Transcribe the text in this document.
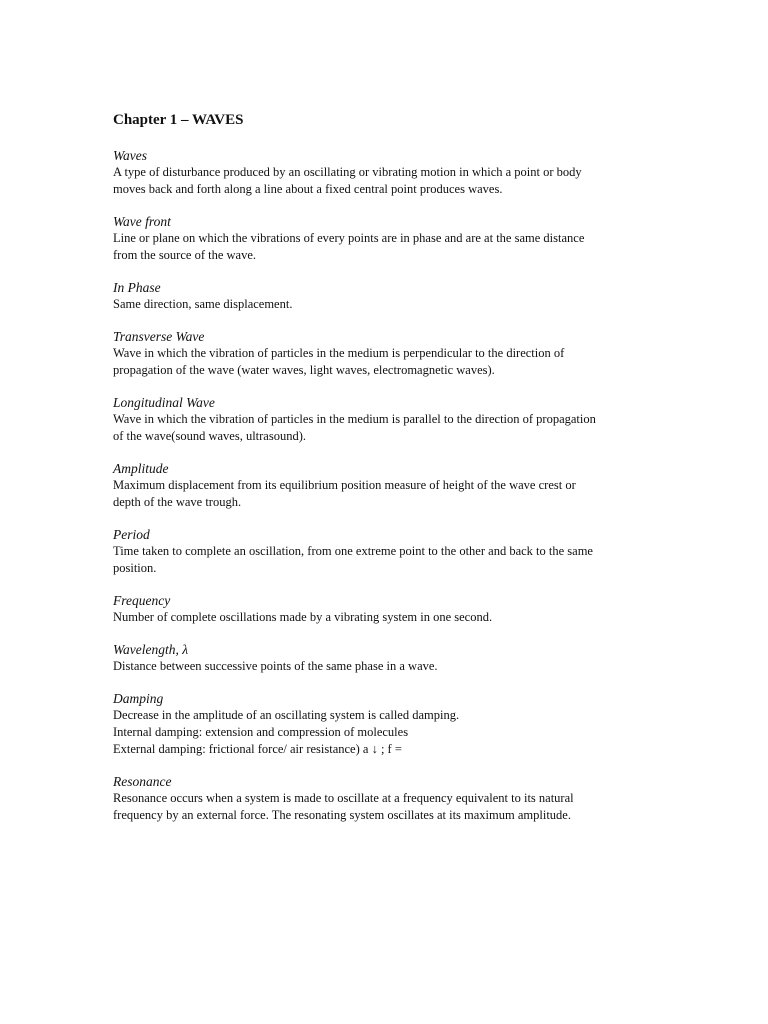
Chapter 1 – WAVES
Waves
A type of disturbance produced by an oscillating or vibrating motion in which a point or body
moves back and forth along a line about a fixed central point produces waves.
Wave front
Line or plane on which the vibrations of every points are in phase and are at the same distance
from the source of the wave.
In Phase
Same direction, same displacement.
Transverse Wave
Wave in which the vibration of particles in the medium is perpendicular to the direction of
propagation of the wave (water waves, light waves, electromagnetic waves).
Longitudinal Wave
Wave in which the vibration of particles in the medium is parallel to the direction of propagation
of the wave(sound waves, ultrasound).
Amplitude
Maximum displacement from its equilibrium position measure of height of the wave crest or
depth of the wave trough.
Period
Time taken to complete an oscillation, from one extreme point to the other and back to the same
position.
Frequency
Number of complete oscillations made by a vibrating system in one second.
Wavelength, λ
Distance between successive points of the same phase in a wave.
Damping
Decrease in the amplitude of an oscillating system is called damping.
Internal damping: extension and compression of molecules
External damping: frictional force/ air resistance) a ↓ ; f =
Resonance
Resonance occurs when a system is made to oscillate at a frequency equivalent to its natural
frequency by an external force. The resonating system oscillates at its maximum amplitude.
